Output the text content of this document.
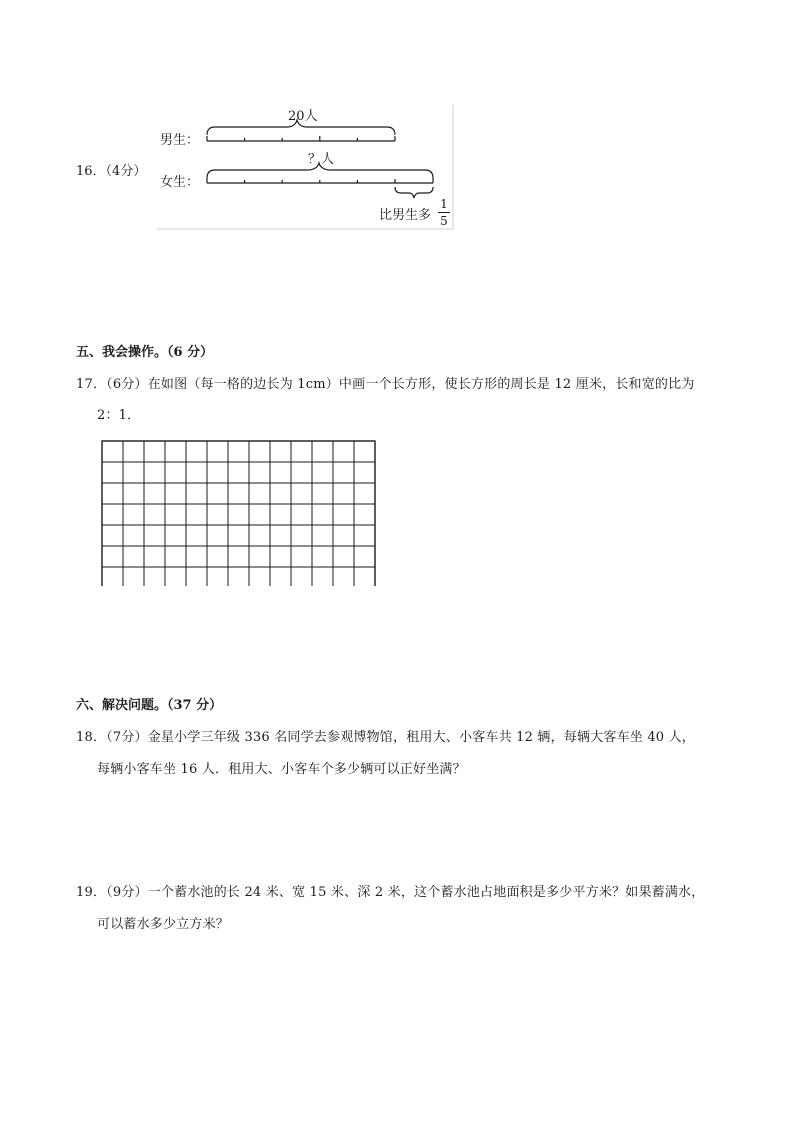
16．（4分）
20人
男生：
？人
女生：
比男生多
1
5
五、我会操作。（6 分）
17．（6分）在如图（每一格的边长为 1cm）中画一个长方形，使长方形的周长是 12 厘米，长和宽的比为
2：1．
六、解决问题。（37 分）
18．（7分）金星小学三年级 336 名同学去参观博物馆，租用大、小客车共 12 辆，每辆大客车坐 40 人，
每辆小客车坐 16 人．租用大、小客车个多少辆可以正好坐满？
19．（9分）一个蓄水池的长 24 米、宽 15 米、深 2 米，这个蓄水池占地面积是多少平方米？如果蓄满水，
可以蓄水多少立方米？
